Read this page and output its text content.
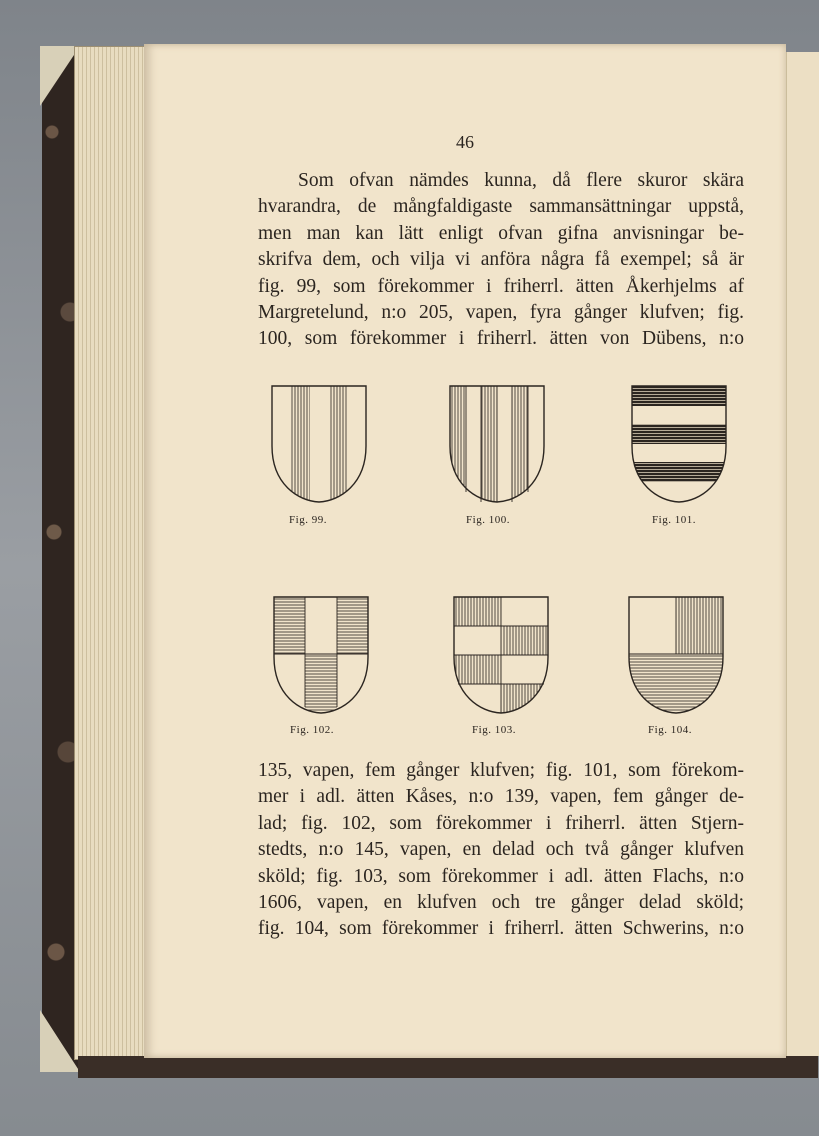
46

Som ofvan nämdes kunna, då flere skuror skära
hvarandra, de mångfaldigaste sammansättningar uppstå,
men man kan lätt enligt ofvan gifna anvisningar be-
skrifva dem, och vilja vi anföra några få exempel; så är
fig. 99, som förekommer i friherrl. ätten Åkerhjelms af
Margretelund, n:o 205, vapen, fyra gånger klufven; fig.
100, som förekommer i friherrl. ätten von Dübens, n:o

Fig. 99.	Fig. 100.	Fig. 101.
Fig. 102.	Fig. 103.	Fig. 104.

135, vapen, fem gånger klufven; fig. 101, som förekom-
mer i adl. ätten Kåses, n:o 139, vapen, fem gånger de-
lad; fig. 102, som förekommer i friherrl. ätten Stjern-
stedts, n:o 145, vapen, en delad och två gånger klufven
sköld; fig. 103, som förekommer i adl. ätten Flachs, n:o
1606, vapen, en klufven och tre gånger delad sköld;
fig. 104, som förekommer i friherrl. ätten Schwerins, n:o
